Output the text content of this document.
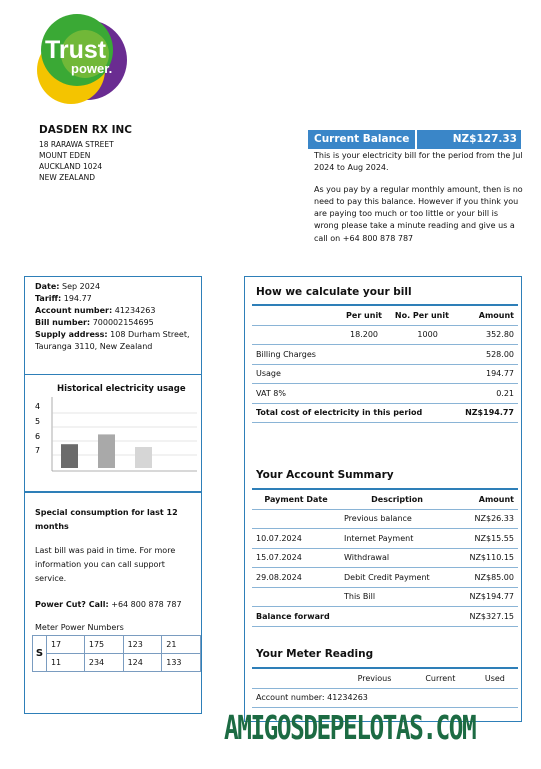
Trust
power.
DASDEN RX INC
18 RARAWA STREET
MOUNT EDEN
AUCKLAND 1024
NEW ZEALAND
Current Balance	NZ$127.33

This is your electricity bill for the period from the Jul 2024 to Aug 2024.

As you pay by a regular monthly amount, then is no need to pay this balance. However if you think you are paying too much or too little or your bill is wrong please take a minute reading and give us a call on +64 800 878 787

Date: Sep 2024
Tariff: 194.77
Account number: 41234263
Bill number: 700002154695
Supply address: 108 Durham Street, Tauranga 3110, New Zealand
Historical electricity usage
4
5
6
7
Special consumption for last 12 months
Last bill was paid in time. For more information you can call support service.
Power Cut? Call: +64 800 878 787
Meter Power Numbers
S	17	175	123	21
	11	234	124	133
How we calculate your bill
	Per unit	No. Per unit	Amount
	18.200	1000	352.80
Billing Charges			528.00
Usage			194.77
VAT 8%			0.21
Total cost of electricity in this period			NZ$194.77
Your Account Summary
Payment Date	Description	Amount
	Previous balance	NZ$26.33
10.07.2024	Internet Payment	NZ$15.55
15.07.2024	Withdrawal	NZ$110.15
29.08.2024	Debit Credit Payment	NZ$85.00
	This Bill	NZ$194.77
Balance forward		NZ$327.15
Your Meter Reading
	Previous	Current	Used
Account number: 41234263
AMIGOSDEPELOTAS.COM
